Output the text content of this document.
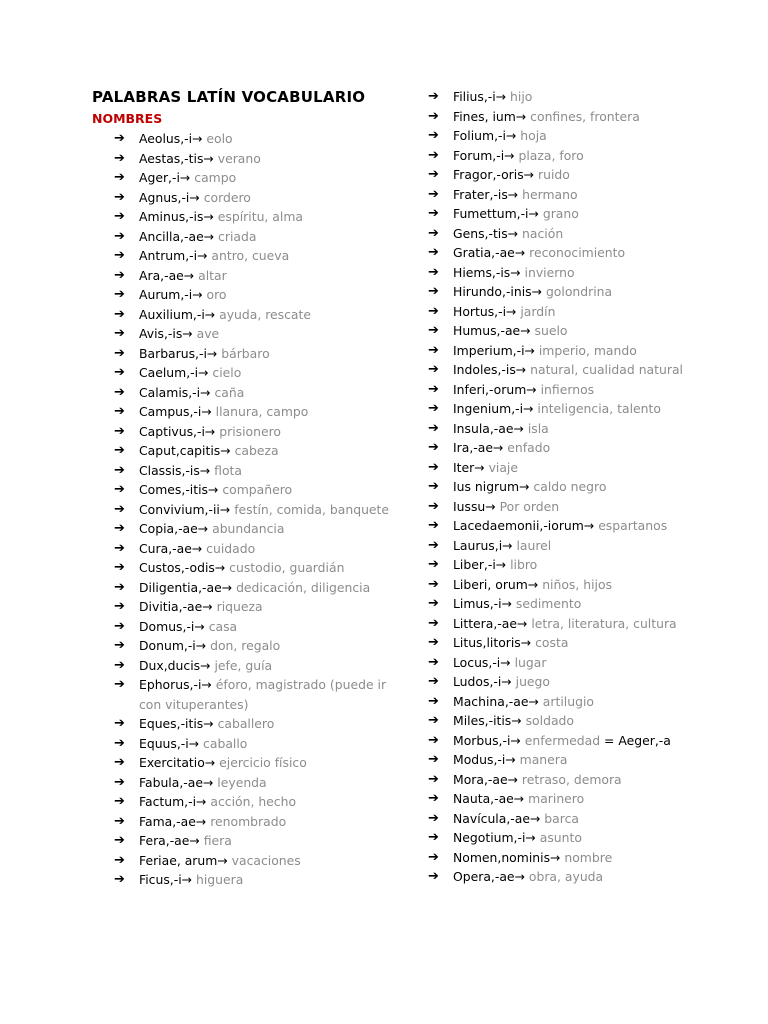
PALABRAS LATÍN VOCABULARIO
NOMBRES
➔ Aeolus,-i→ eolo
➔ Aestas,-tis→ verano
➔ Ager,-i→ campo
➔ Agnus,-i→ cordero
➔ Aminus,-is→ espíritu, alma
➔ Ancilla,-ae→ criada
➔ Antrum,-i→ antro, cueva
➔ Ara,-ae→ altar
➔ Aurum,-i→ oro
➔ Auxilium,-i→ ayuda, rescate
➔ Avis,-is→ ave
➔ Barbarus,-i→ bárbaro
➔ Caelum,-i→ cielo
➔ Calamis,-i→ caña
➔ Campus,-i→ llanura, campo
➔ Captivus,-i→ prisionero
➔ Caput,capitis→ cabeza
➔ Classis,-is→ flota
➔ Comes,-itis→ compañero
➔ Convivium,-ii→ festín, comida, banquete
➔ Copia,-ae→ abundancia
➔ Cura,-ae→ cuidado
➔ Custos,-odis→ custodio, guardián
➔ Diligentia,-ae→ dedicación, diligencia
➔ Divitia,-ae→ riqueza
➔ Domus,-i→ casa
➔ Donum,-i→ don, regalo
➔ Dux,ducis→ jefe, guía
➔ Ephorus,-i→ éforo, magistrado (puede ir con vituperantes)
➔ Eques,-itis→ caballero
➔ Equus,-i→ caballo
➔ Exercitatio→ ejercicio físico
➔ Fabula,-ae→ leyenda
➔ Factum,-i→ acción, hecho
➔ Fama,-ae→ renombrado
➔ Fera,-ae→ fiera
➔ Feriae, arum→ vacaciones
➔ Ficus,-i→ higuera
➔ Filius,-i→ hijo
➔ Fines, ium→ confines, frontera
➔ Folium,-i→ hoja
➔ Forum,-i→ plaza, foro
➔ Fragor,-oris→ ruido
➔ Frater,-is→ hermano
➔ Fumettum,-i→ grano
➔ Gens,-tis→ nación
➔ Gratia,-ae→ reconocimiento
➔ Hiems,-is→ invierno
➔ Hirundo,-inis→ golondrina
➔ Hortus,-i→ jardín
➔ Humus,-ae→ suelo
➔ Imperium,-i→ imperio, mando
➔ Indoles,-is→ natural, cualidad natural
➔ Inferi,-orum→ infiernos
➔ Ingenium,-i→ inteligencia, talento
➔ Insula,-ae→ isla
➔ Ira,-ae→ enfado
➔ Iter→ viaje
➔ Ius nigrum→ caldo negro
➔ Iussu→ Por orden
➔ Lacedaemonii,-iorum→ espartanos
➔ Laurus,i→ laurel
➔ Liber,-i→ libro
➔ Liberi, orum→ niños, hijos
➔ Limus,-i→ sedimento
➔ Littera,-ae→ letra, literatura, cultura
➔ Litus,litoris→ costa
➔ Locus,-i→ lugar
➔ Ludos,-i→ juego
➔ Machina,-ae→ artilugio
➔ Miles,-itis→ soldado
➔ Morbus,-i→ enfermedad = Aeger,-a
➔ Modus,-i→ manera
➔ Mora,-ae→ retraso, demora
➔ Nauta,-ae→ marinero
➔ Navícula,-ae→ barca
➔ Negotium,-i→ asunto
➔ Nomen,nominis→ nombre
➔ Opera,-ae→ obra, ayuda
